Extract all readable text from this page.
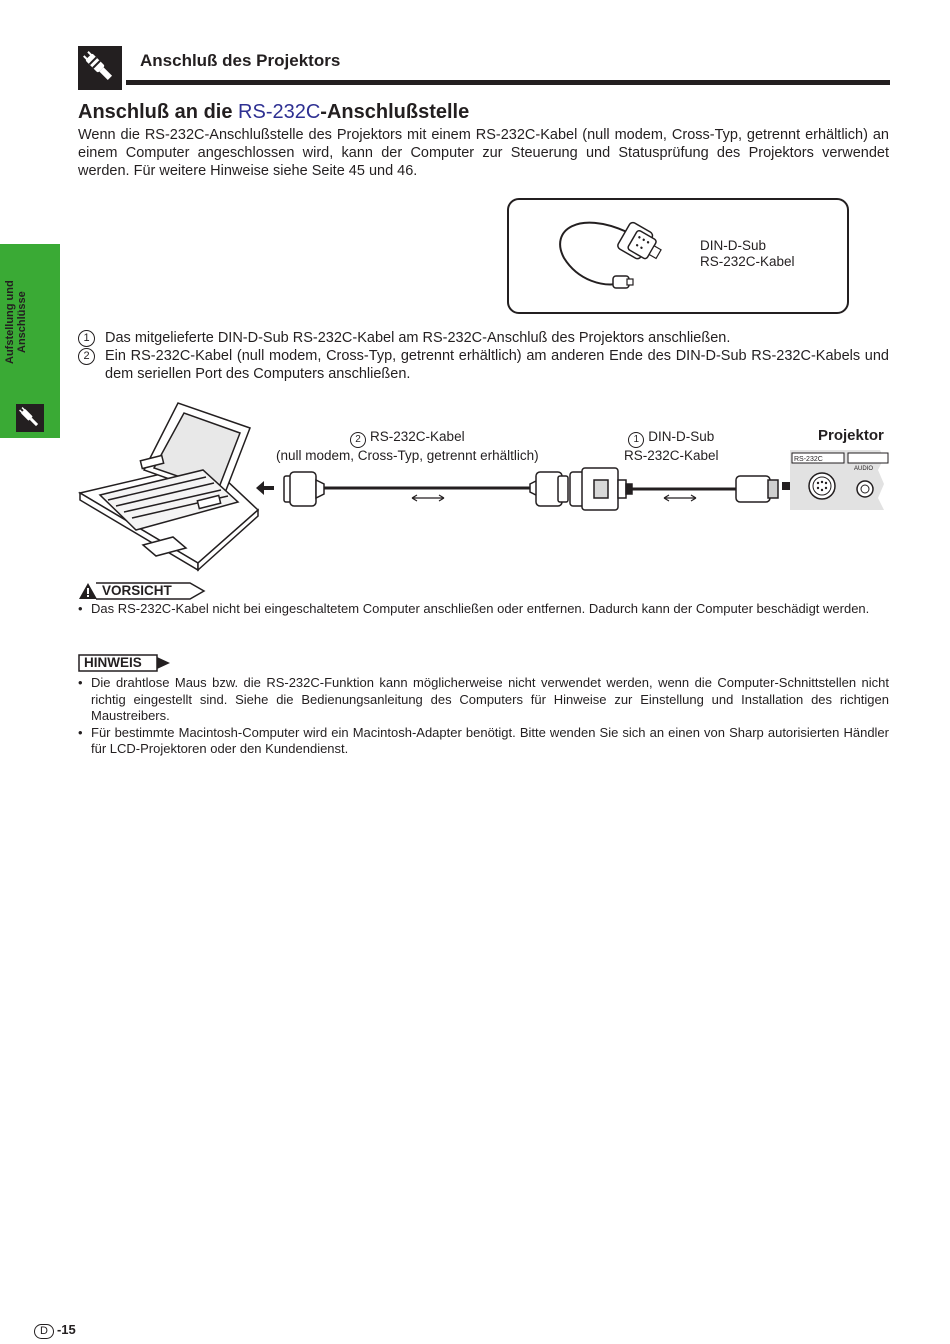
Anschluß des Projektors
Aufstellung und Anschlüsse
Anschluß an die RS-232C-Anschlußstelle
Wenn die RS-232C-Anschlußstelle des Projektors mit einem RS-232C-Kabel (null modem, Cross-Typ, getrennt erhältlich) an einem Computer angeschlossen wird, kann der Computer zur Steuerung und Statusprüfung des Projektors verwendet werden. Für weitere Hinweise siehe Seite 45 und 46.
DIN-D-Sub
RS-232C-Kabel
1	Das mitgelieferte DIN-D-Sub RS-232C-Kabel am RS-232C-Anschluß des Projektors anschließen.
2	Ein RS-232C-Kabel (null modem, Cross-Typ, getrennt erhältlich) am anderen Ende des DIN-D-Sub RS-232C-Kabels und dem seriellen Port des Computers anschließen.
RS-232C
AUDIO
2 RS-232C-Kabel
(null modem, Cross-Typ, getrennt erhältlich)
1 DIN-D-Sub
RS-232C-Kabel
Projektor
VORSICHT
• Das RS-232C-Kabel nicht bei eingeschaltetem Computer anschließen oder entfernen. Dadurch kann der Computer beschädigt werden.
HINWEIS
• Die drahtlose Maus bzw. die RS-232C-Funktion kann möglicherweise nicht verwendet werden, wenn die Computer-Schnittstellen nicht richtig eingestellt sind. Siehe die Bedienungsanleitung des Computers für Hinweise zur Einstellung und Installation des richtigen Maustreibers.
• Für bestimmte Macintosh-Computer wird ein Macintosh-Adapter benötigt. Bitte wenden Sie sich an einen von Sharp autorisierten Händler für LCD-Projektoren oder den Kundendienst.
D -15
